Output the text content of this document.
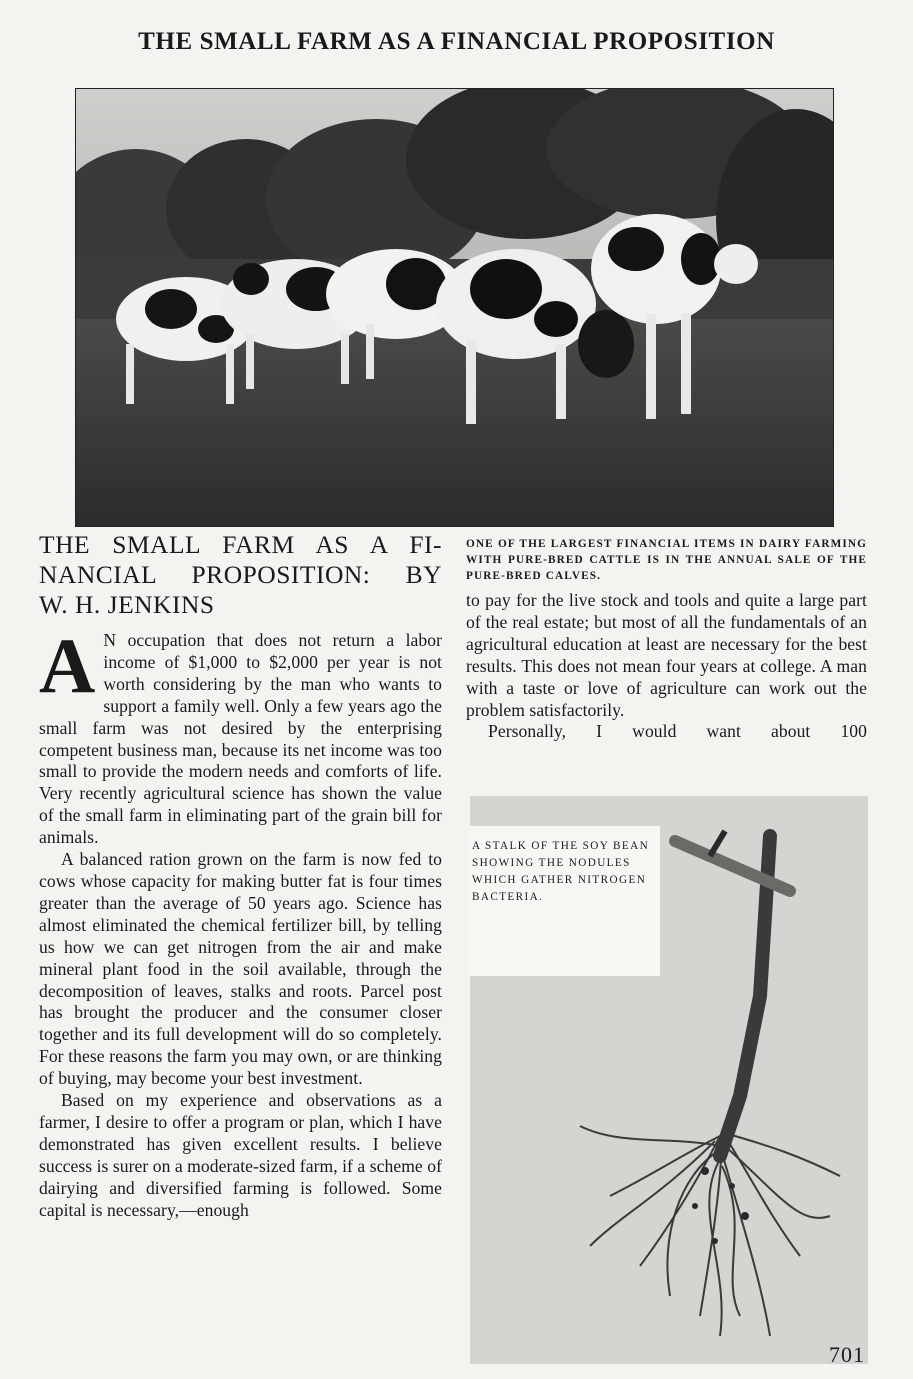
THE SMALL FARM AS A FINANCIAL PROPOSITION
THE SMALL FARM AS A FI-
NANCIAL PROPOSITION: BY
W. H. JENKINS

A N occupation that does not return a labor income of $1,000 to $2,000 per year is not worth considering by the man who wants to support a family well. Only a few years ago the small farm was not desired by the enterprising competent business man, because its net income was too small to provide the modern needs and comforts of life. Very recently agricultural science has shown the value of the small farm in eliminating part of the grain bill for animals.

A balanced ration grown on the farm is now fed to cows whose capacity for making butter fat is four times greater than the average of 50 years ago. Science has almost eliminated the chemical fertilizer bill, by telling us how we can get nitrogen from the air and make mineral plant food in the soil available, through the decomposition of leaves, stalks and roots. Parcel post has brought the producer and the consumer closer together and its full development will do so completely. For these reasons the farm you may own, or are thinking of buying, may become your best investment.

Based on my experience and observations as a farmer, I desire to offer a program or plan, which I have demonstrated has given excellent results. I believe success is surer on a moderate-sized farm, if a scheme of dairying and diversified farming is followed. Some capital is necessary,—enough

ONE OF THE LARGEST FINANCIAL ITEMS IN DAIRY FARMING WITH PURE-BRED CATTLE IS IN THE ANNUAL SALE OF THE PURE-BRED CALVES.

to pay for the live stock and tools and quite a large part of the real estate; but most of all the fundamentals of an agricultural education at least are necessary for the best results. This does not mean four years at college. A man with a taste or love of agriculture can work out the problem satisfactorily.

Personally, I would want about 100

A STALK OF THE SOY BEAN SHOWING THE NODULES WHICH GATHER NITROGEN BACTERIA.
701
